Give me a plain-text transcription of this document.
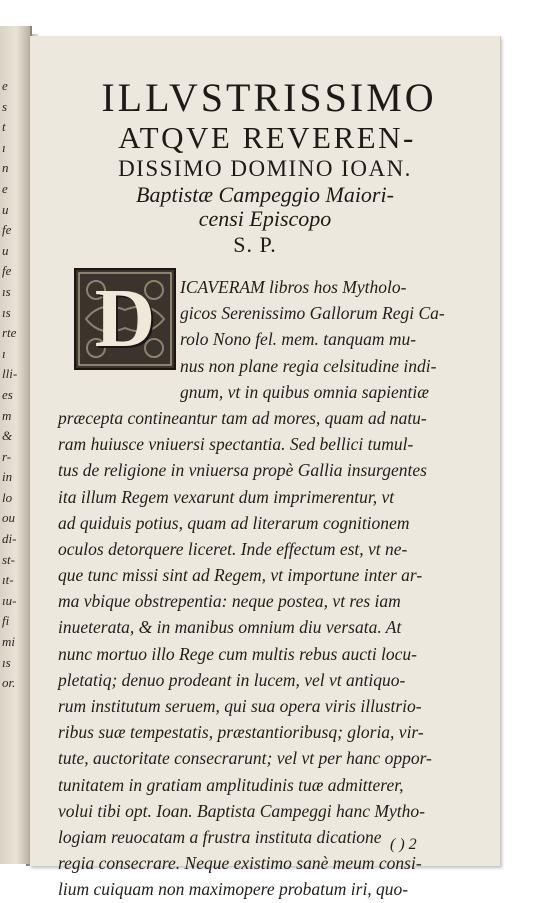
e
s
t
ı
n
e
u
fe
u
fe
ıs
ıs
rte
ı
lli-
es
m
&
r-
in
lo
ou
di-
st-
ıt-
ıu-
fi
mi
ıs
or.
ILLVSTRISSIMO
ATQVE REVEREN-
DISSIMO DOMINO IOAN.
Baptistæ Campeggio Maiori-
censi Episcopo
S. P.
D	ICAVERAM libros hos Mytholo-
gicos Serenissimo Gallorum Regi Ca-
rolo Nono fel. mem. tanquam mu-
nus non plane regia celsitudine indi-
gnum, vt in quibus omnia sapientiæ
præcepta contineantur tam ad mores, quam ad natu-
ram huiusce vniuersi spectantia. Sed bellici tumul-
tus de religione in vniuersa propè Gallia insurgentes
ita illum Regem vexarunt dum imprimerentur, vt
ad quiduis potius, quam ad literarum cognitionem
oculos detorquere liceret. Inde effectum est, vt ne-
que tunc missi sint ad Regem, vt importune inter ar-
ma vbique obstrepentia: neque postea, vt res iam
inueterata, & in manibus omnium diu versata. At
nunc mortuo illo Rege cum multis rebus aucti locu-
pletatiq; denuo prodeant in lucem, vel vt antiquo-
rum institutum seruem, qui sua opera viris illustrio-
ribus suæ tempestatis, præstantioribusq; gloria, vir-
tute, auctoritate consecrarunt; vel vt per hanc oppor-
tunitatem in gratiam amplitudinis tuæ admitterer,
volui tibi opt. Ioan. Baptista Campeggi hanc Mytho-
logiam reuocatam a frustra instituta dicatione
regia consecrare. Neque existimo sanè meum consi-
lium cuiquam non maximopere probatum iri, quo-
( ) 2
